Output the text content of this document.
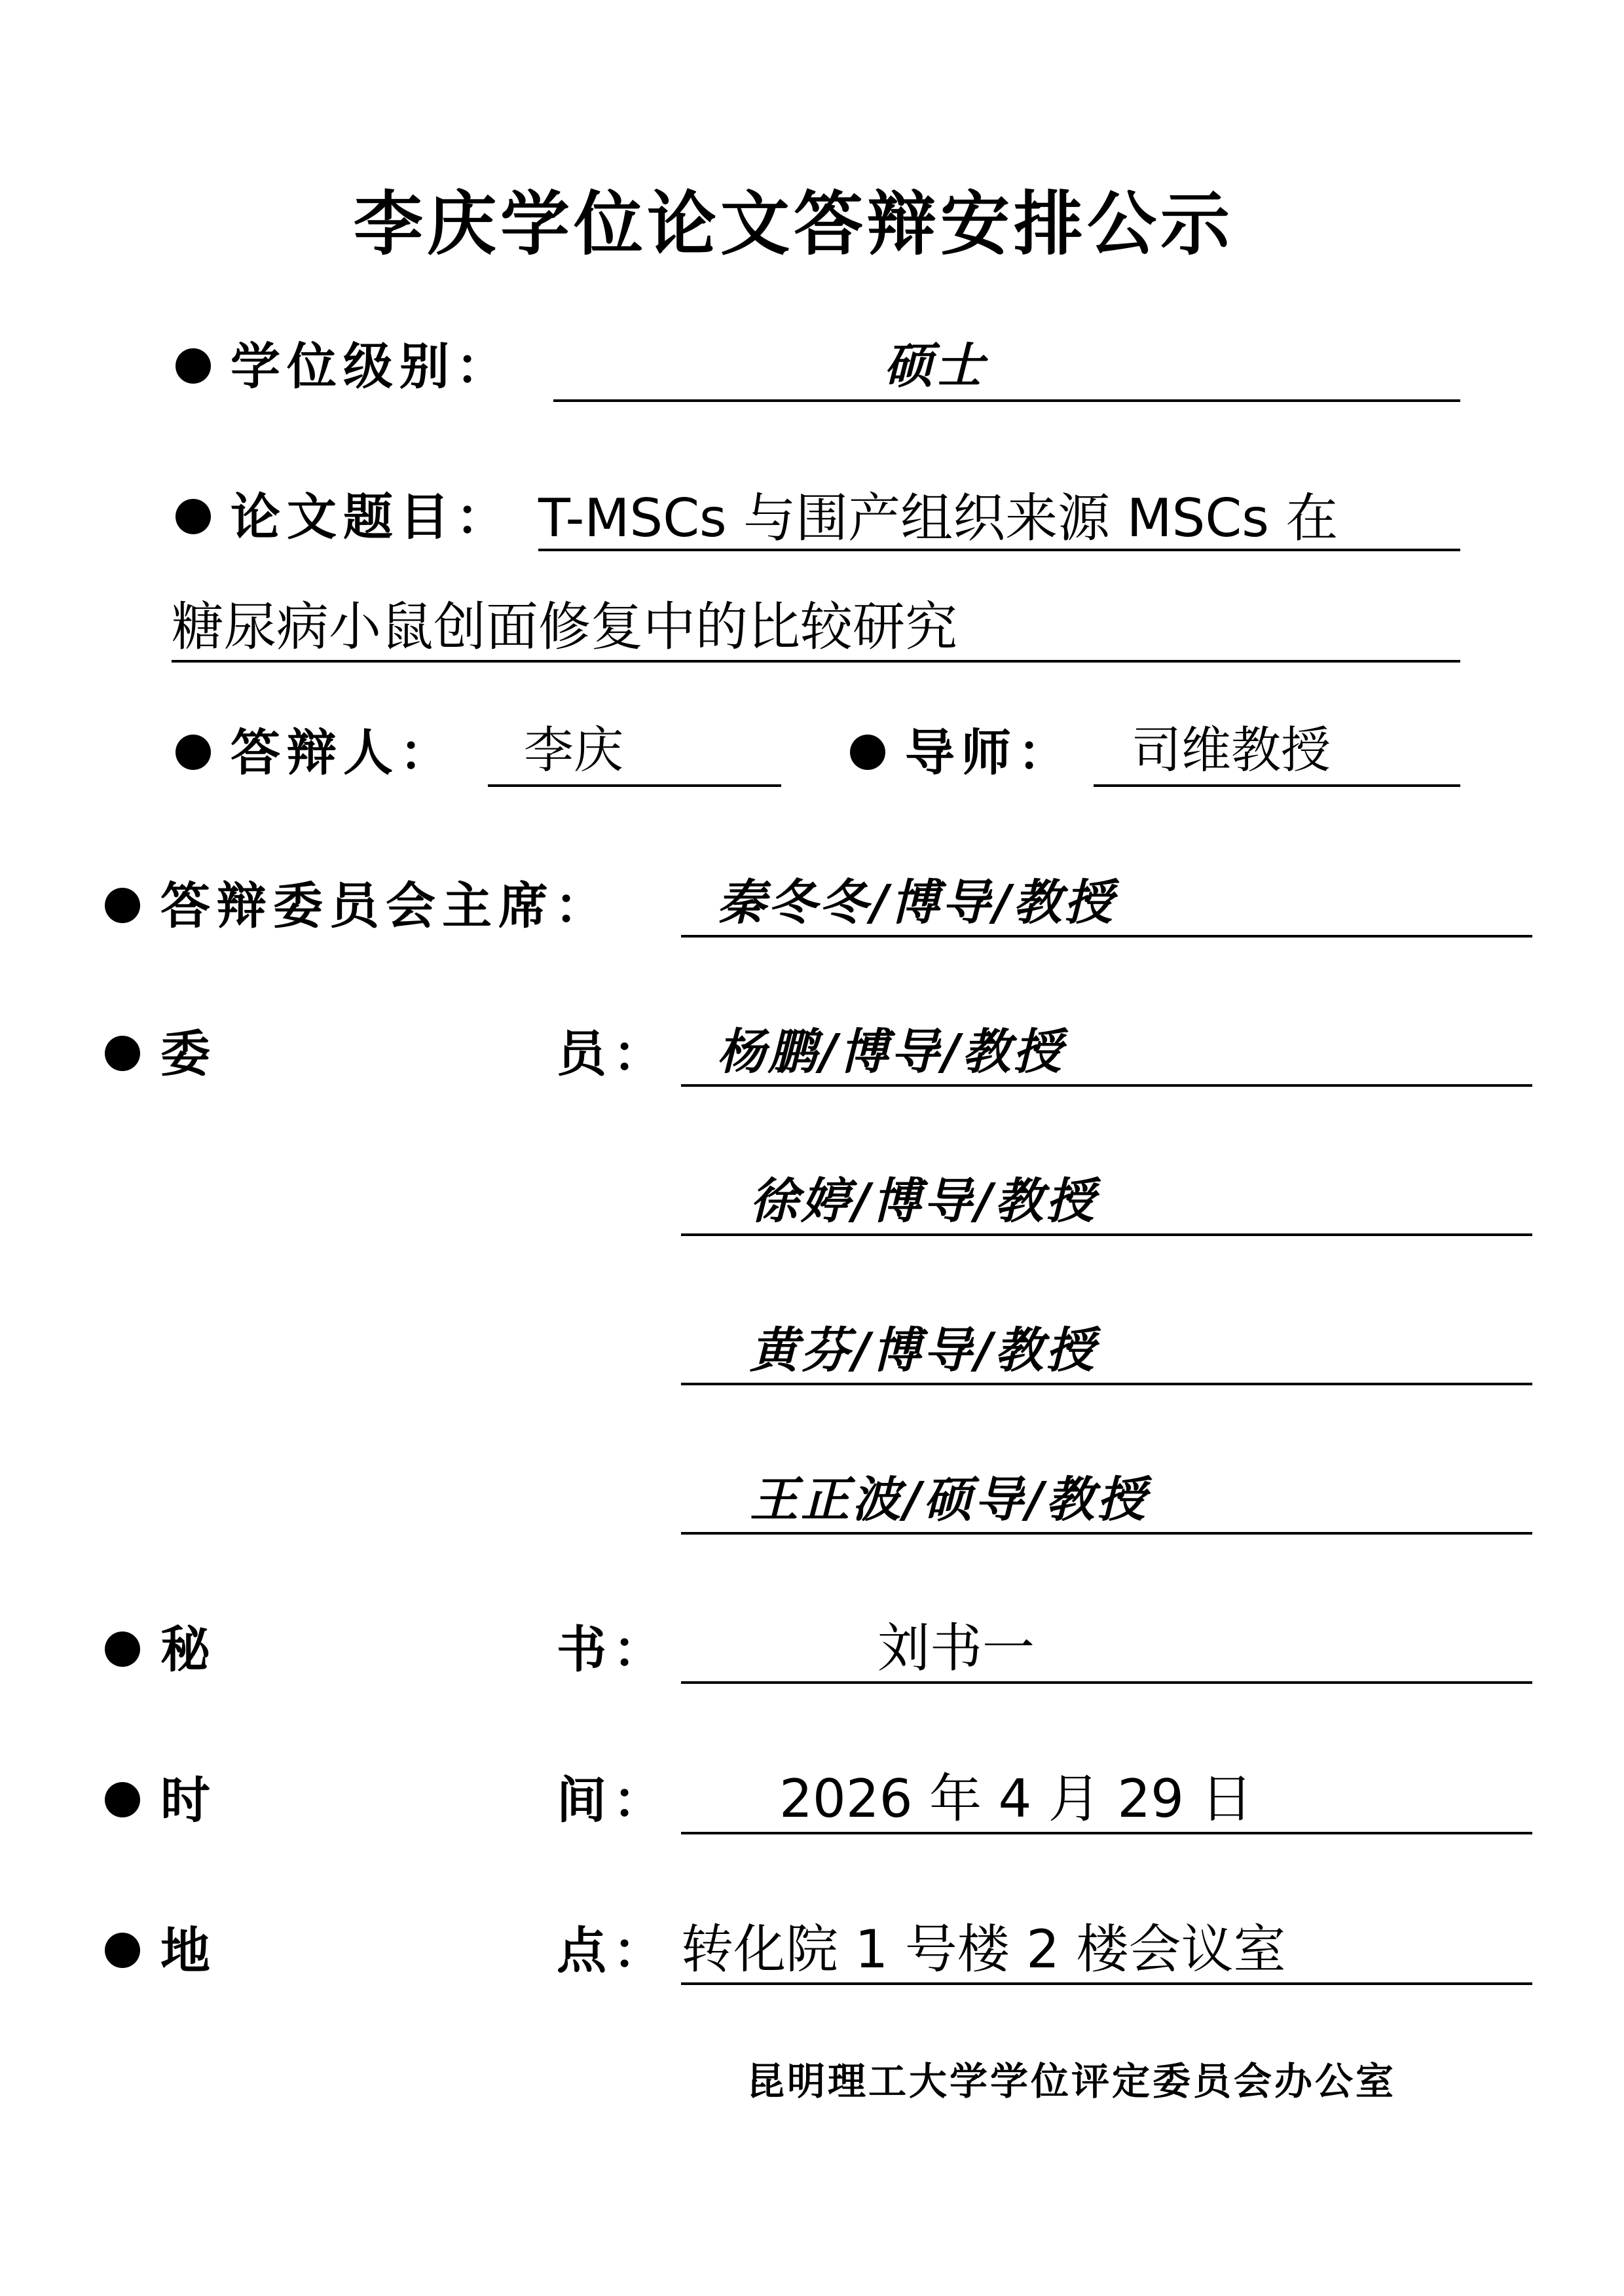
李庆学位论文答辩安排公示
学位级别：	硕士
论文题目： T-MSCs 与围产组织来源 MSCs 在
糖尿病小鼠创面修复中的比较研究
答辩人： 李庆	导师： 司维教授
答辩委员会主席： 秦冬冬/博导/教授
委	员： 杨鹏/博导/教授
徐婷/博导/教授
黄芬/博导/教授
王正波/硕导/教授
秘	书：	刘书一
时	间： 2026 年 4 月 29 日
地	点： 转化院 1 号楼 2 楼会议室
昆明理工大学学位评定委员会办公室
